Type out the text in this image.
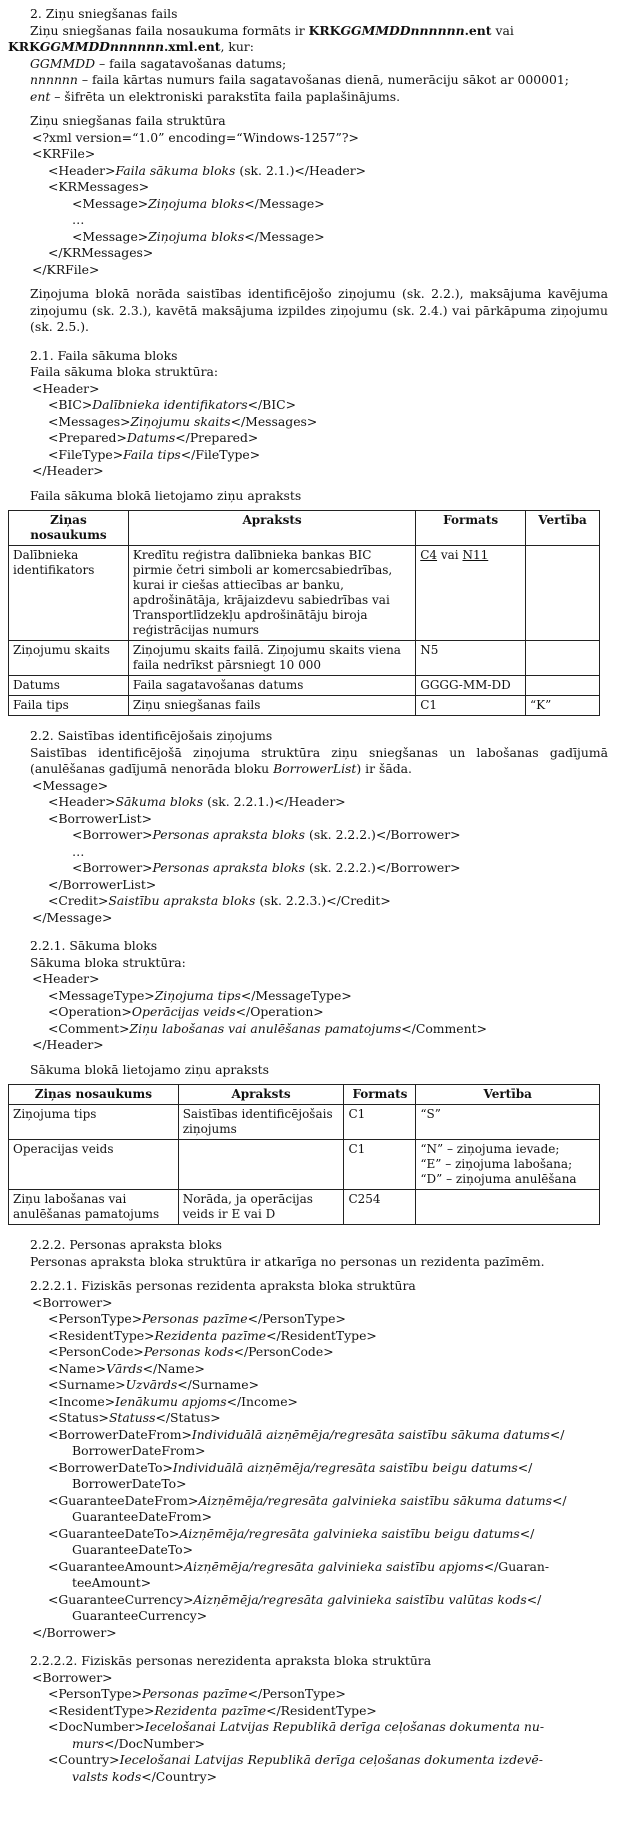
2. Ziņu sniegšanas fails

Ziņu sniegšanas faila nosaukuma formāts ir KRKGGMMDDnnnnnn.ent vai

KRKGGMMDDnnnnnn.xml.ent, kur:

GGMMDD – faila sagatavošanas datums;

nnnnnn – faila kārtas numurs faila sagatavošanas dienā, numerāciju sākot ar 000001;

ent – šifrēta un elektroniski parakstīta faila paplašinājums.

Ziņu sniegšanas faila struktūra

<?xml version=“1.0” encoding=“Windows-1257”?>

<KRFile>

<Header>Faila sākuma bloks (sk. 2.1.)</Header>

<KRMessages>

<Message>Ziņojuma bloks</Message>

…

<Message>Ziņojuma bloks</Message>

</KRMessages>

</KRFile>

Ziņojuma blokā norāda saistības identificējošo ziņojumu (sk. 2.2.), maksājuma kavējuma ziņojumu (sk. 2.3.), kavētā maksājuma izpildes ziņojumu (sk. 2.4.) vai pārkāpuma ziņojumu (sk. 2.5.).

2.1. Faila sākuma bloks

Faila sākuma bloka struktūra:

<Header>

<BIC>Dalībnieka identifikators</BIC>

<Messages>Ziņojumu skaits</Messages>

<Prepared>Datums</Prepared>

<FileType>Faila tips</FileType>

</Header>

Faila sākuma blokā lietojamo ziņu apraksts

Ziņas nosaukums	Apraksts	Formats	Vertība
Dalībnieka identifikators	Kredītu reģistra dalībnieka bankas BIC pirmie četri simboli ar komercsabiedrības, kurai ir ciešas attiecības ar banku, apdrošinātāja, krājaizdevu sabiedrības vai Transportlīdzekļu apdrošinātāju biroja reģistrācijas numurs	C4 vai N11	
Ziņojumu skaits	Ziņojumu skaits failā. Ziņojumu skaits viena faila nedrīkst pārsniegt 10 000	N5	
Datums	Faila sagatavošanas datums	GGGG-MM-DD	
Faila tips	Ziņu sniegšanas fails	C1	“K”

2.2. Saistības identificējošais ziņojums

Saistības identificējošā ziņojuma struktūra ziņu sniegšanas un labošanas gadījumā (anulēšanas gadījumā nenorāda bloku BorrowerList) ir šāda.

<Message>

<Header>Sākuma bloks (sk. 2.2.1.)</Header>

<BorrowerList>

<Borrower>Personas apraksta bloks (sk. 2.2.2.)</Borrower>

…

<Borrower>Personas apraksta bloks (sk. 2.2.2.)</Borrower>

</BorrowerList>

<Credit>Saistību apraksta bloks (sk. 2.2.3.)</Credit>

</Message>

2.2.1. Sākuma bloks

Sākuma bloka struktūra:

<Header>

<MessageType>Ziņojuma tips</MessageType>

<Operation>Operācijas veids</Operation>

<Comment>Ziņu labošanas vai anulēšanas pamatojums</Comment>

</Header>

Sākuma blokā lietojamo ziņu apraksts

Ziņas nosaukums	Apraksts	Formats	Vertība
Ziņojuma tips	Saistības identificējošais ziņojums	C1	“S”
Operacijas veids		C1	“N” – ziņojuma ievade;
“E” – ziņojuma labošana;
“D” – ziņojuma anulēšana

Ziņu labošanas vai anulēšanas pamatojums	Norāda, ja operācijas veids ir E vai D	C254	

2.2.2. Personas apraksta bloks

Personas apraksta bloka struktūra ir atkarīga no personas un rezidenta pazīmēm.

2.2.2.1. Fiziskās personas rezidenta apraksta bloka struktūra

<Borrower>

<PersonType>Personas pazīme</PersonType>

<ResidentType>Rezidenta pazīme</ResidentType>

<PersonCode>Personas kods</PersonCode>

<Name>Vārds</Name>

<Surname>Uzvārds</Surname>

<Income>Ienākumu apjoms</Income>

<Status>Statuss</Status>

<BorrowerDateFrom>Individuālā aizņēmēja/regresāta saistību sākuma datums</

BorrowerDateFrom>

<BorrowerDateTo>Individuālā aizņēmēja/regresāta saistību beigu datums</

BorrowerDateTo>

<GuaranteeDateFrom>Aizņēmēja/regresāta galvinieka saistību sākuma datums</

GuaranteeDateFrom>

<GuaranteeDateTo>Aizņēmēja/regresāta galvinieka saistību beigu datums</

GuaranteeDateTo>

<GuaranteeAmount>Aizņēmēja/regresāta galvinieka saistību apjoms</Guaran-

teeAmount>

<GuaranteeCurrency>Aizņēmēja/regresāta galvinieka saistību valūtas kods</

GuaranteeCurrency>

</Borrower>

2.2.2.2. Fiziskās personas nerezidenta apraksta bloka struktūra

<Borrower>

<PersonType>Personas pazīme</PersonType>

<ResidentType>Rezidenta pazīme</ResidentType>

<DocNumber>Iecelošanai Latvijas Republikā derīga ceļošanas dokumenta nu-

murs</DocNumber>

<Country>Iecelošanai Latvijas Republikā derīga ceļošanas dokumenta izdevē-

valsts kods</Country>
